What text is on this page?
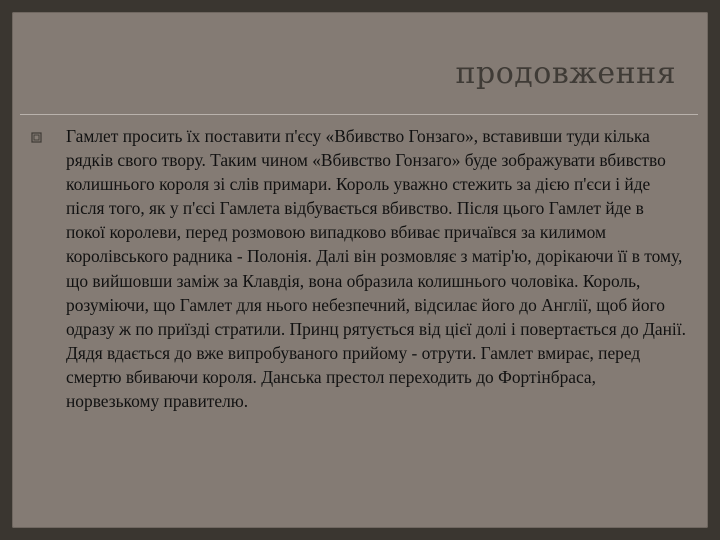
продовження

Гамлет просить їх поставити п'єсу «Вбивство Гонзаго», вставивши туди кілька рядків свого твору. Таким чином «Вбивство Гонзаго» буде зображувати вбивство колишнього короля зі слів примари. Король уважно стежить за дією п'єси і йде після того, як у п'єсі Гамлета відбувається вбивство. Після цього Гамлет йде в покої королеви, перед розмовою випадково вбиває причаївся за килимом королівського радника - Полонія. Далі він розмовляє з матір'ю, дорікаючи її в тому, що вийшовши заміж за Клавдія, вона образила колишнього чоловіка. Король, розуміючи, що Гамлет для нього небезпечний, відсилає його до Англії, щоб його одразу ж по приїзді стратили. Принц рятується від цієї долі і повертається до Данії. Дядя вдається до вже випробуваного прийому - отрути. Гамлет вмирає, перед смертю вбиваючи короля. Данська престол переходить до Фортінбраса, норвезькому правителю.
